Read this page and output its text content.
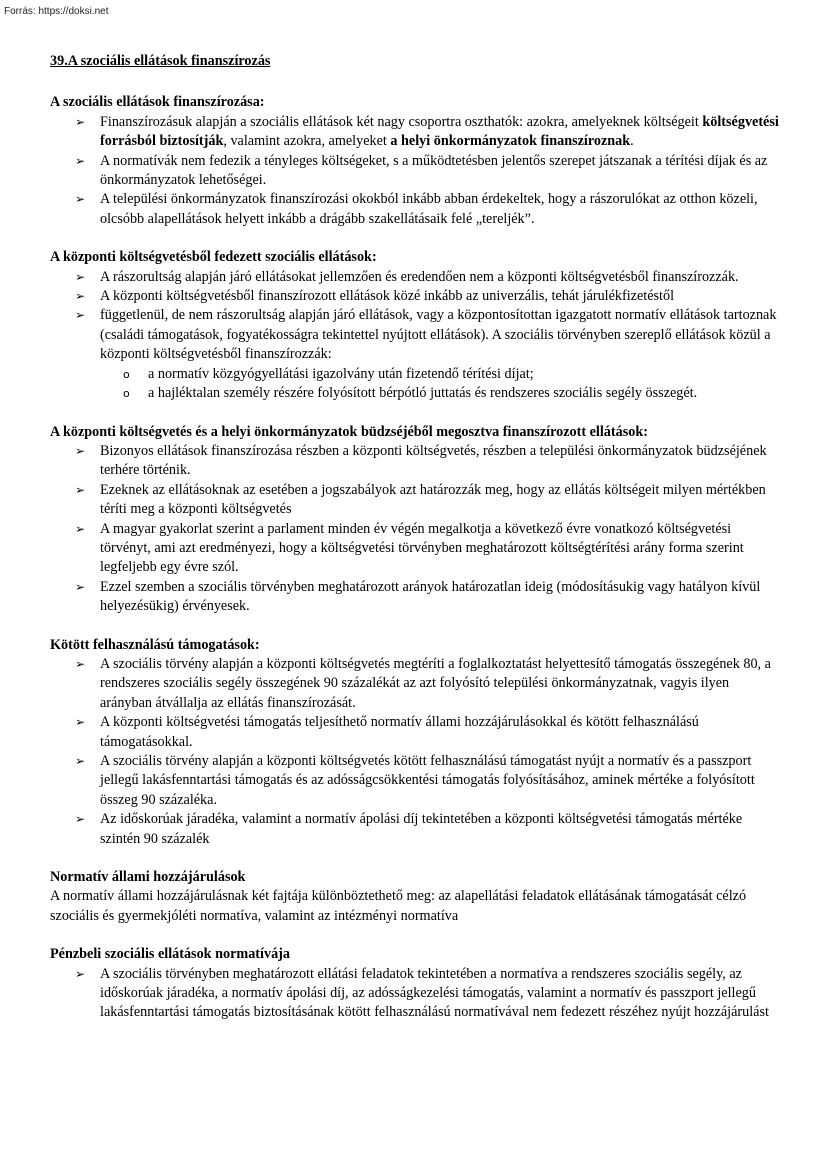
Forrás: https://doksi.net
39.A szociális ellátások finanszírozás
A szociális ellátások finanszírozása:
➢ Finanszírozásuk alapján a szociális ellátások két nagy csoportra oszthatók: azokra, amelyeknek költségeit költségvetési forrásból biztosítják, valamint azokra, amelyeket a helyi önkormányzatok finanszíroznak.
➢ A normatívák nem fedezik a tényleges költségeket, s a működtetésben jelentős szerepet játszanak a térítési díjak és az önkormányzatok lehetőségei.
➢ A települési önkormányzatok finanszírozási okokból inkább abban érdekeltek, hogy a rászorulókat az otthon közeli, olcsóbb alapellátások helyett inkább a drágább szakellátásaik felé „tereljék”.
A központi költségvetésből fedezett szociális ellátások:
➢ A rászorultság alapján járó ellátásokat jellemzően és eredendően nem a központi költségvetésből finanszírozzák.
➢ A központi költségvetésből finanszírozott ellátások közé inkább az univerzális, tehát járulékfizetéstől
➢ függetlenül, de nem rászorultság alapján járó ellátások, vagy a központosítottan igazgatott normatív ellátások tartoznak (családi támogatások, fogyatékosságra tekintettel nyújtott ellátások). A szociális törvényben szereplő ellátások közül a központi költségvetésből finanszírozzák:
o a normatív közgyógyellátási igazolvány után fizetendő térítési díjat;
o a hajléktalan személy részére folyósított bérpótló juttatás és rendszeres szociális segély összegét.
A központi költségvetés és a helyi önkormányzatok büdzséjéből megosztva finanszírozott ellátások:
➢ Bizonyos ellátások finanszírozása részben a központi költségvetés, részben a települési önkormányzatok büdzséjének terhére történik.
➢ Ezeknek az ellátásoknak az esetében a jogszabályok azt határozzák meg, hogy az ellátás költségeit milyen mértékben téríti meg a központi költségvetés
➢ A magyar gyakorlat szerint a parlament minden év végén megalkotja a következő évre vonatkozó költségvetési törvényt, ami azt eredményezi, hogy a költségvetési törvényben meghatározott költségtérítési arány forma szerint legfeljebb egy évre szól.
➢ Ezzel szemben a szociális törvényben meghatározott arányok határozatlan ideig (módosításukig vagy hatályon kívül helyezésükig) érvényesek.
Kötött felhasználású támogatások:
➢ A szociális törvény alapján a központi költségvetés megtéríti a foglalkoztatást helyettesítő támogatás összegének 80, a rendszeres szociális segély összegének 90 százalékát az azt folyósító települési önkormányzatnak, vagyis ilyen arányban átvállalja az ellátás finanszírozását.
➢ A központi költségvetési támogatás teljesíthető normatív állami hozzájárulásokkal és kötött felhasználású támogatásokkal.
➢ A szociális törvény alapján a központi költségvetés kötött felhasználású támogatást nyújt a normatív és a passzport jellegű lakásfenntartási támogatás és az adósságcsökkentési támogatás folyósításához, aminek mértéke a folyósított összeg 90 százaléka.
➢ Az időskorúak járadéka, valamint a normatív ápolási díj tekintetében a központi költségvetési támogatás mértéke szintén 90 százalék
Normatív állami hozzájárulások

A normatív állami hozzájárulásnak két fajtája különböztethető meg: az alapellátási feladatok ellátásának támogatását célzó szociális és gyermekjóléti normatíva, valamint az intézményi normatíva

Pénzbeli szociális ellátások normatívája
➢ A szociális törvényben meghatározott ellátási feladatok tekintetében a normatíva a rendszeres szociális segély, az időskorúak járadéka, a normatív ápolási díj, az adósságkezelési támogatás, valamint a normatív és passzport jellegű lakásfenntartási támogatás biztosításának kötött felhasználású normatívával nem fedezett részéhez nyújt hozzájárulást
